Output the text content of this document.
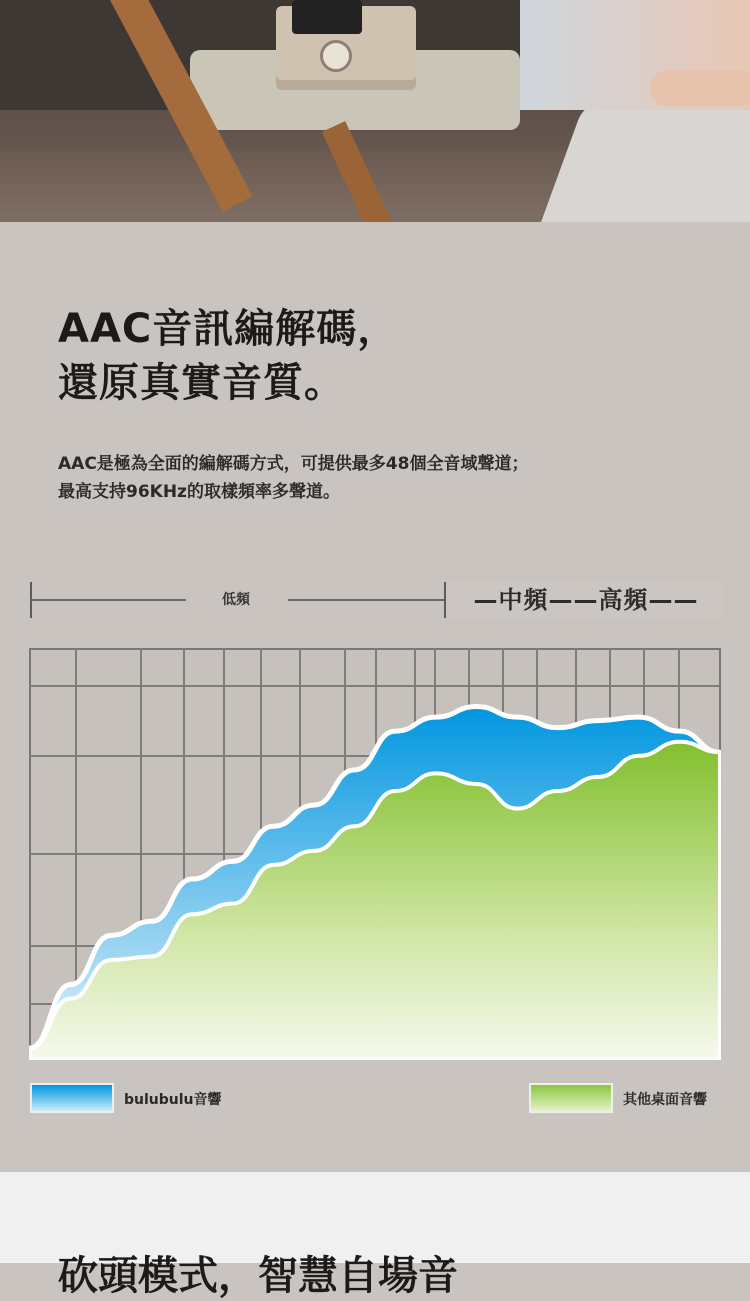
AAC音訊編解碼，
還原真實音質。
AAC是極為全面的編解碼方式，可提供最多48個全音域聲道；
最高支持96KHz的取樣頻率多聲道。
低頻	—中頻——高頻——
bulubulu音響	其他桌面音響
砍頭模式，智慧自場音
